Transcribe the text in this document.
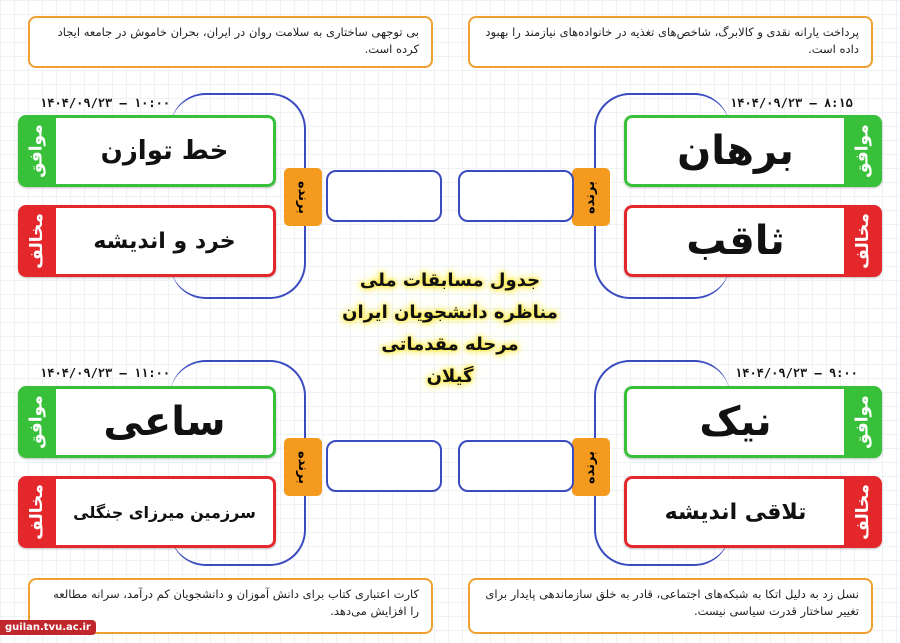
بی توجهی ساختاری به سلامت روان در ایران، بحران خاموش در جامعه ایجاد کرده است.
پرداخت یارانه نقدی و کالابرگ، شاخص‌های تغذیه در خانواده‌های نیازمند را بهبود داده است.
کارت اعتباری کتاب برای دانش آموزان و دانشجویان کم درآمد، سرانه مطالعه را افزایش می‌دهد.
نسل زد به دلیل اتکا به شبکه‌های اجتماعی، قادر به خلق سازماندهی پایدار برای تغییر ساختار قدرت سیاسی نیست.
۱۰:۰۰ – ۱۴۰۴/۰۹/۲۳	۸:۱۵ – ۱۴۰۴/۰۹/۲۳
۱۱:۰۰ – ۱۴۰۴/۰۹/۲۳	۹:۰۰ – ۱۴۰۴/۰۹/۲۳
موافق	خط توازن
مخالف	خرد و اندیشه
برنده
موافق
برهان
مخالف
ثاقب
برنده
موافق	ساعی
مخالف	سرزمین میرزای جنگلی
برنده
موافق
نیک
مخالف
تلاقی اندیشه
برنده
جدول مسابقات ملی
مناظره دانشجویان ایران
مرحله مقدماتی
گیلان
guilan.tvu.ac.ir
